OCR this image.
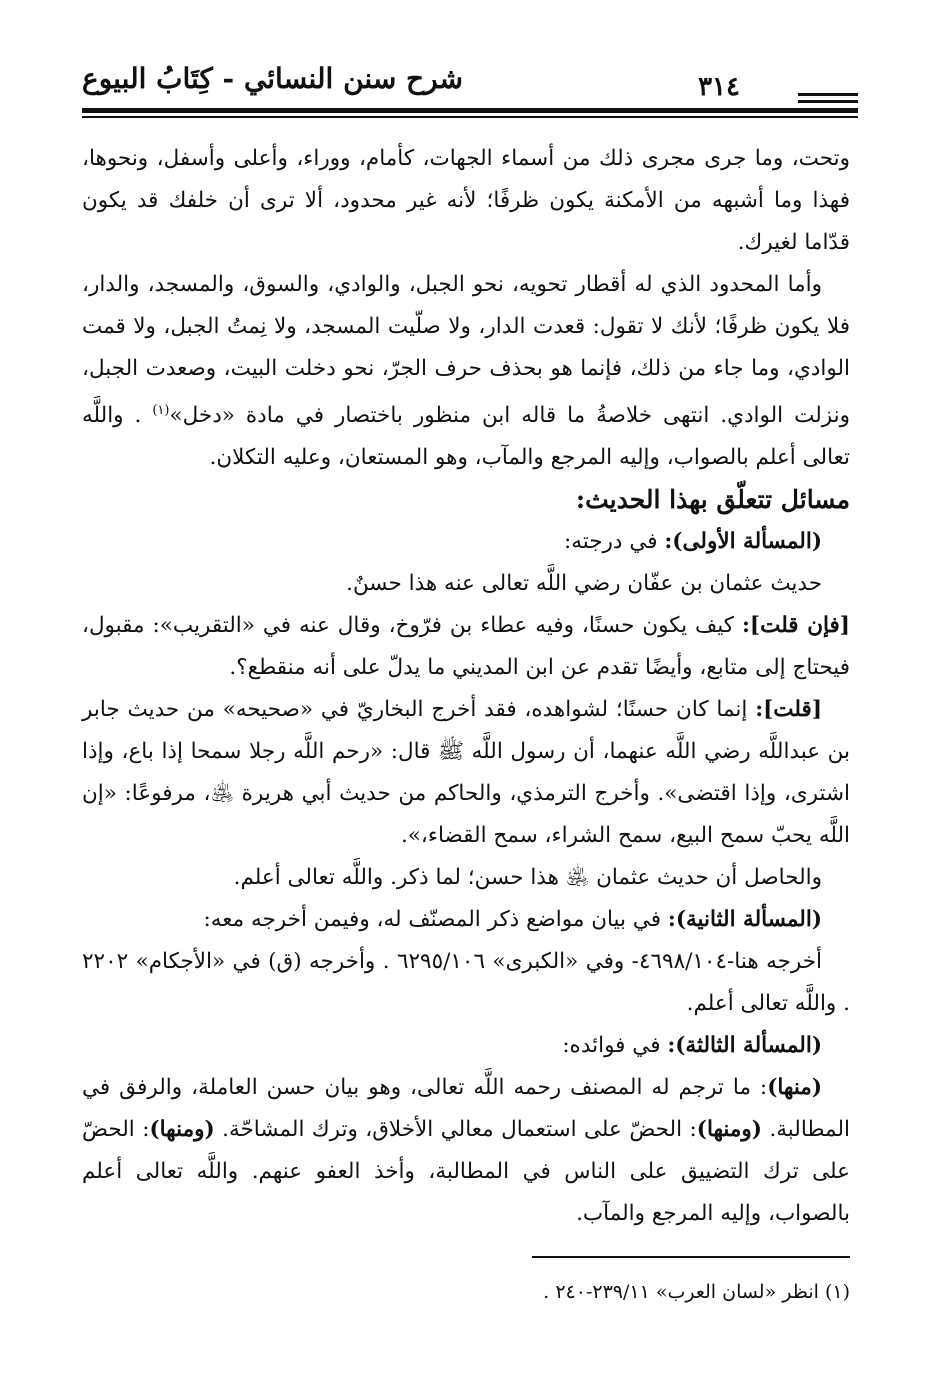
شرح سنن النسائي - كِتَابُ البيوع	٣١٤

وتحت، وما جرى مجرى ذلك من أسماء الجهات، كأمام، ووراء، وأعلى وأسفل، ونحوها، فهذا وما أشبهه من الأمكنة يكون ظرفًا؛ لأنه غير محدود، ألا ترى أن خلفك قد يكون قدّاما لغيرك.

وأما المحدود الذي له أقطار تحويه، نحو الجبل، والوادي، والسوق، والمسجد، والدار، فلا يكون ظرفًا؛ لأنك لا تقول: قعدت الدار، ولا صلّيت المسجد، ولا نِمتُ الجبل، ولا قمت الوادي، وما جاء من ذلك، فإنما هو بحذف حرف الجرّ، نحو دخلت البيت، وصعدت الجبل، ونزلت الوادي. انتهى خلاصةُ ما قاله ابن منظور باختصار في مادة «دخل»$^{(١)}$ . واللَّه تعالى أعلم بالصواب، وإليه المرجع والمآب، وهو المستعان، وعليه التكلان.

مسائل تتعلّق بهذا الحديث:

(المسألة الأولى): في درجته:

حديث عثمان بن عفّان رضي اللَّه تعالى عنه هذا حسنٌ.

[فإن قلت]: كيف يكون حسنًا، وفيه عطاء بن فرّوخ، وقال عنه في «التقريب»: مقبول، فيحتاج إلى متابع، وأيضًا تقدم عن ابن المديني ما يدلّ على أنه منقطع؟.

[قلت]: إنما كان حسنًا؛ لشواهده، فقد أخرج البخاريّ في «صحيحه» من حديث جابر بن عبداللَّه رضي اللَّه عنهما، أن رسول اللَّه ﷺ قال: «رحم اللَّه رجلا سمحا إذا باع، وإذا اشترى، وإذا اقتضى». وأخرج الترمذي، والحاكم من حديث أبي هريرة ﵁، مرفوعًا: «إن اللَّه يحبّ سمح البيع، سمح الشراء، سمح القضاء،».

والحاصل أن حديث عثمان ﵁ هذا حسن؛ لما ذكر. واللَّه تعالى أعلم.

(المسألة الثانية): في بيان مواضع ذكر المصنّف له، وفيمن أخرجه معه:

أخرجه هنا-٤٦٩٨/١٠٤- وفي «الكبرى» ٦٢٩٥/١٠٦ . وأخرجه (ق) في «الأجكام» ٢٢٠٢ . واللَّه تعالى أعلم.

(المسألة الثالثة): في فوائده:

(منها): ما ترجم له المصنف رحمه اللَّه تعالى، وهو بيان حسن العاملة، والرفق في المطالبة. (ومنها): الحضّ على استعمال معالي الأخلاق، وترك المشاحّة. (ومنها): الحضّ على ترك التضييق على الناس في المطالبة، وأخذ العفو عنهم. واللَّه تعالى أعلم بالصواب، وإليه المرجع والمآب.

(١) انظر «لسان العرب» ٢٣٩/١١-٢٤٠ .
